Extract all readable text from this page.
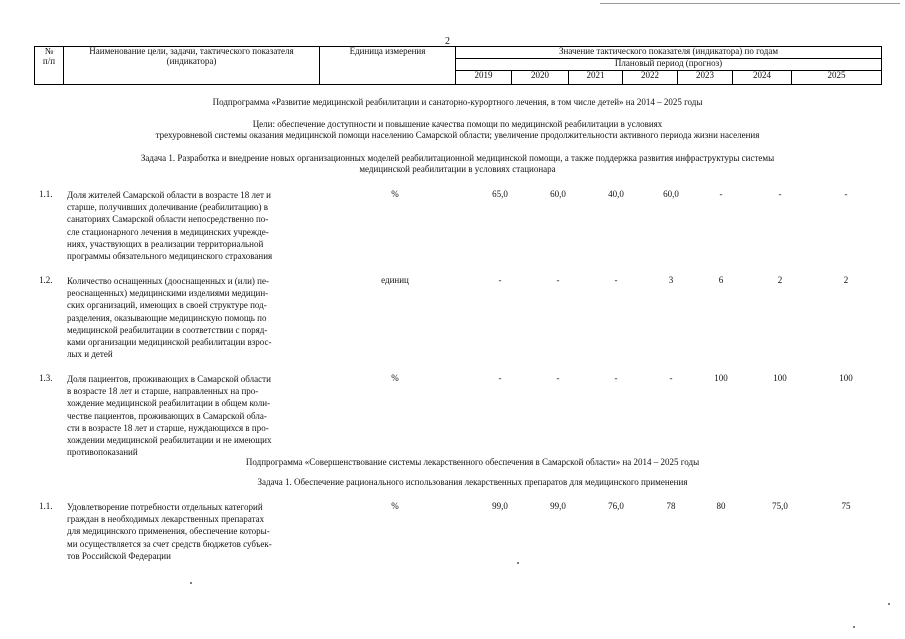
2
№
п/п	Наименование цели, задачи, тактического показателя (индикатора)	Единица измерения	Значение тактического показателя (индикатора) по годам						
			Плановый период (прогноз)						
			2019	2020	2021	2022	2023	2024	2025
Подпрограмма «Развитие медицинской реабилитации и санаторно-курортного лечения, в том числе детей» на 2014 – 2025 годы
Цели: обеспечение доступности и повышение качества помощи по медицинской реабилитации в условиях
трехуровневой системы оказания медицинской помощи населению Самарской области; увеличение продолжительности активного периода жизни населения
Задача 1. Разработка и внедрение новых организационных моделей реабилитационной медицинской помощи, а также поддержка развития инфраструктуры системы
медицинской реабилитации в условиях стационара
1.1. Доля жителей Самарской области в возрасте 18 лет и
старше, получивших долечивание (реабилитацию) в
санаториях Самарской области непосредственно по-
сле стационарного лечения в медицинских учрежде-
ниях, участвующих в реализации территориальной
программы обязательного медицинского страхования
%	65,0	60,0	40,0	60,0	-	-	-
1.2. Количество оснащенных (дооснащенных и (или) пе-
реоснащенных) медицинскими изделиями медицин-
ских организаций, имеющих в своей структуре под-
разделения, оказывающие медицинскую помощь по
медицинской реабилитации в соответствии с поряд-
ками организации медицинской реабилитации взрос-
лых и детей
единиц	-	-	-	3	6	2	2
1.3. Доля пациентов, проживающих в Самарской области
в возрасте 18 лет и старше, направленных на про-
хождение медицинской реабилитации в общем коли-
честве пациентов, проживающих в Самарской обла-
сти в возрасте 18 лет и старше, нуждающихся в про-
хождении медицинской реабилитации и не имеющих
противопоказаний
%	-	-	-	-	100	100	100
Подпрограмма «Совершенствование системы лекарственного обеспечения в Самарской области» на 2014 – 2025 годы
Задача 1. Обеспечение рационального использования лекарственных препаратов для медицинского применения
1.1. Удовлетворение потребности отдельных категорий
граждан в необходимых лекарственных препаратах
для медицинского применения, обеспечение которы-
ми осуществляется за счет средств бюджетов субъек-
тов Российской Федерации
%	99,0	99,0	76,0	78	80	75,0	75
